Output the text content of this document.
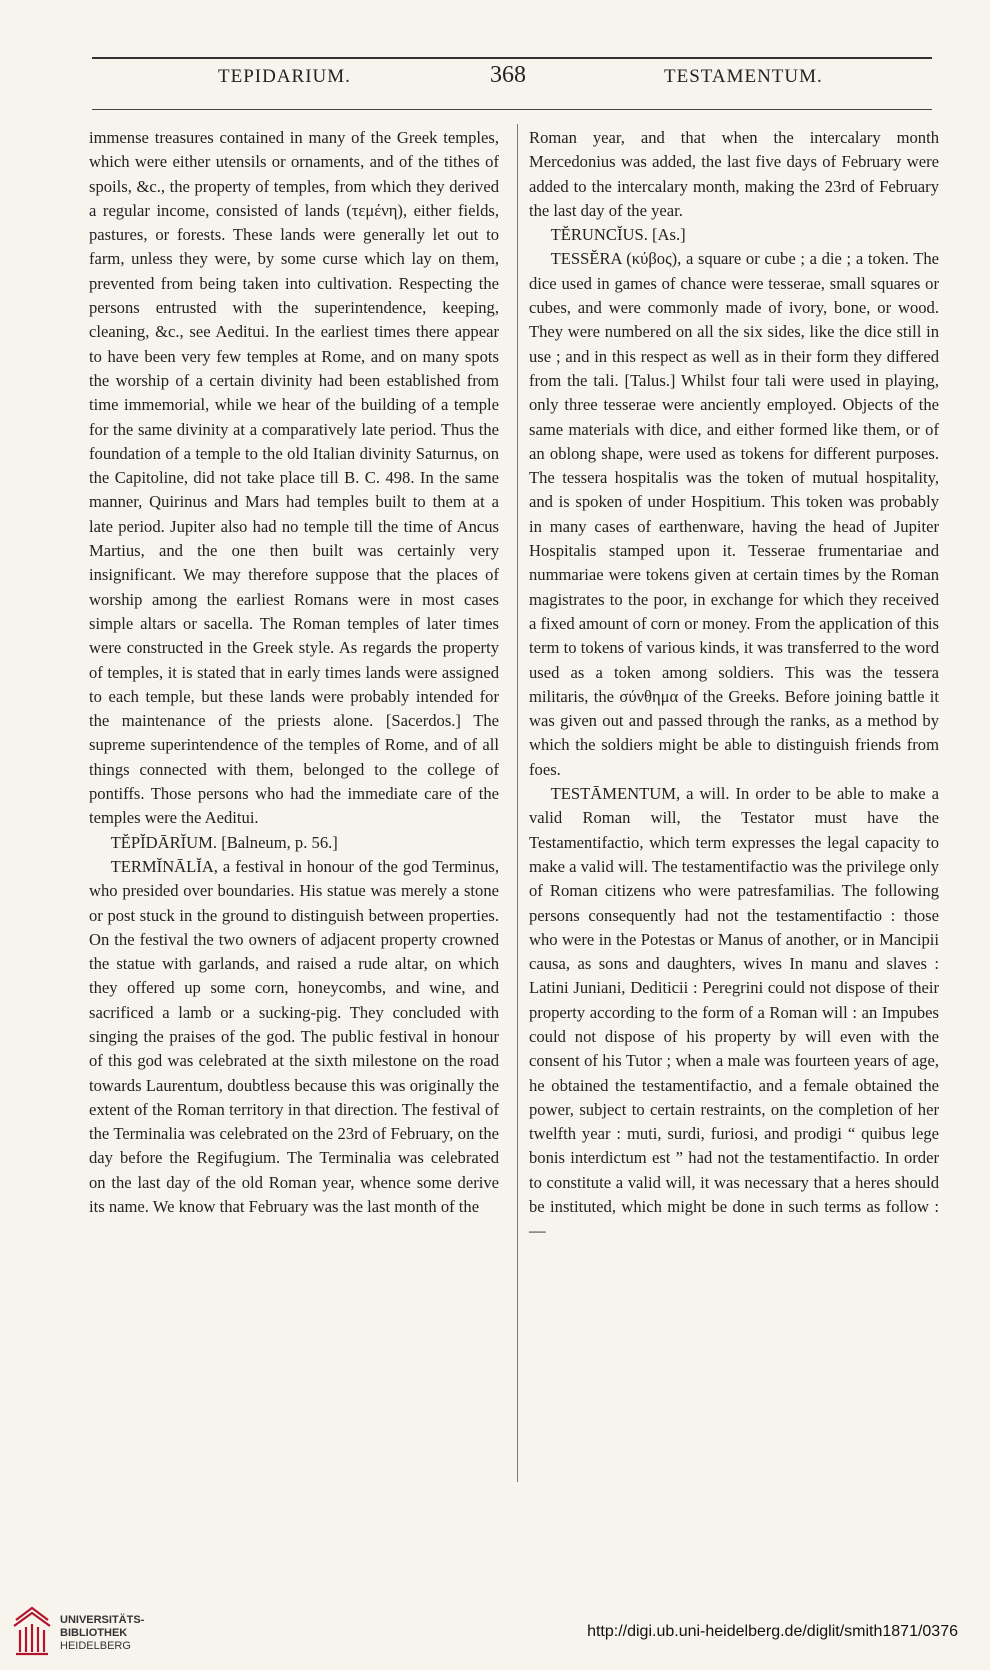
TEPIDARIUM.	368	TESTAMENTUM.

immense treasures contained in many of the Greek temples, which were either utensils or ornaments, and of the tithes of spoils, &c., the property of temples, from which they derived a regular income, consisted of lands (τεμένη), either fields, pastures, or forests. These lands were generally let out to farm, unless they were, by some curse which lay on them, prevented from being taken into cultivation. Respecting the persons entrusted with the superintendence, keeping, cleaning, &c., see Aeditui. In the earliest times there appear to have been very few temples at Rome, and on many spots the worship of a certain divinity had been established from time immemorial, while we hear of the building of a temple for the same divinity at a comparatively late period. Thus the foundation of a temple to the old Italian divinity Saturnus, on the Capitoline, did not take place till B. C. 498. In the same manner, Quirinus and Mars had temples built to them at a late period. Jupiter also had no temple till the time of Ancus Martius, and the one then built was certainly very insignificant. We may therefore suppose that the places of worship among the earliest Romans were in most cases simple altars or sacella. The Roman temples of later times were constructed in the Greek style. As regards the property of temples, it is stated that in early times lands were assigned to each temple, but these lands were probably intended for the maintenance of the priests alone. [Sacerdos.] The supreme superintendence of the temples of Rome, and of all things connected with them, belonged to the college of pontiffs. Those persons who had the immediate care of the temples were the Aeditui.

TĔPĬDĀRĬUM. [Balneum, p. 56.]

TERMĬNĀLĬA, a festival in honour of the god Terminus, who presided over boundaries. His statue was merely a stone or post stuck in the ground to distinguish between properties. On the festival the two owners of adjacent property crowned the statue with garlands, and raised a rude altar, on which they offered up some corn, honeycombs, and wine, and sacrificed a lamb or a sucking-pig. They concluded with singing the praises of the god. The public festival in honour of this god was celebrated at the sixth milestone on the road towards Laurentum, doubtless because this was originally the extent of the Roman territory in that direction. The festival of the Terminalia was celebrated on the 23rd of February, on the day before the Regifugium. The Terminalia was celebrated on the last day of the old Roman year, whence some derive its name. We know that February was the last month of the

Roman year, and that when the intercalary month Mercedonius was added, the last five days of February were added to the intercalary month, making the 23rd of February the last day of the year.

TĔRUNCĬUS. [As.]

TESSĔRA (κύβος), a square or cube ; a die ; a token. The dice used in games of chance were tesserae, small squares or cubes, and were commonly made of ivory, bone, or wood. They were numbered on all the six sides, like the dice still in use ; and in this respect as well as in their form they differed from the tali. [Talus.] Whilst four tali were used in playing, only three tesserae were anciently employed. Objects of the same materials with dice, and either formed like them, or of an oblong shape, were used as tokens for different purposes. The tessera hospitalis was the token of mutual hospitality, and is spoken of under Hospitium. This token was probably in many cases of earthenware, having the head of Jupiter Hospitalis stamped upon it. Tesserae frumentariae and nummariae were tokens given at certain times by the Roman magistrates to the poor, in exchange for which they received a fixed amount of corn or money. From the application of this term to tokens of various kinds, it was transferred to the word used as a token among soldiers. This was the tessera militaris, the σύνθημα of the Greeks. Before joining battle it was given out and passed through the ranks, as a method by which the soldiers might be able to distinguish friends from foes.

TESTĀMENTUM, a will. In order to be able to make a valid Roman will, the Testator must have the Testamentifactio, which term expresses the legal capacity to make a valid will. The testamentifactio was the privilege only of Roman citizens who were patresfamilias. The following persons consequently had not the testamentifactio : those who were in the Potestas or Manus of another, or in Mancipii causa, as sons and daughters, wives In manu and slaves : Latini Juniani, Dediticii : Peregrini could not dispose of their property according to the form of a Roman will : an Impubes could not dispose of his property by will even with the consent of his Tutor ; when a male was fourteen years of age, he obtained the testamentifactio, and a female obtained the power, subject to certain restraints, on the completion of her twelfth year : muti, surdi, furiosi, and prodigi “ quibus lege bonis interdictum est ” had not the testamentifactio. In order to constitute a valid will, it was necessary that a heres should be instituted, which might be done in such terms as follow :—

UNIVERSITÄTS-
BIBLIOTHEK
HEIDELBERG
http://digi.ub.uni-heidelberg.de/diglit/smith1871/0376
